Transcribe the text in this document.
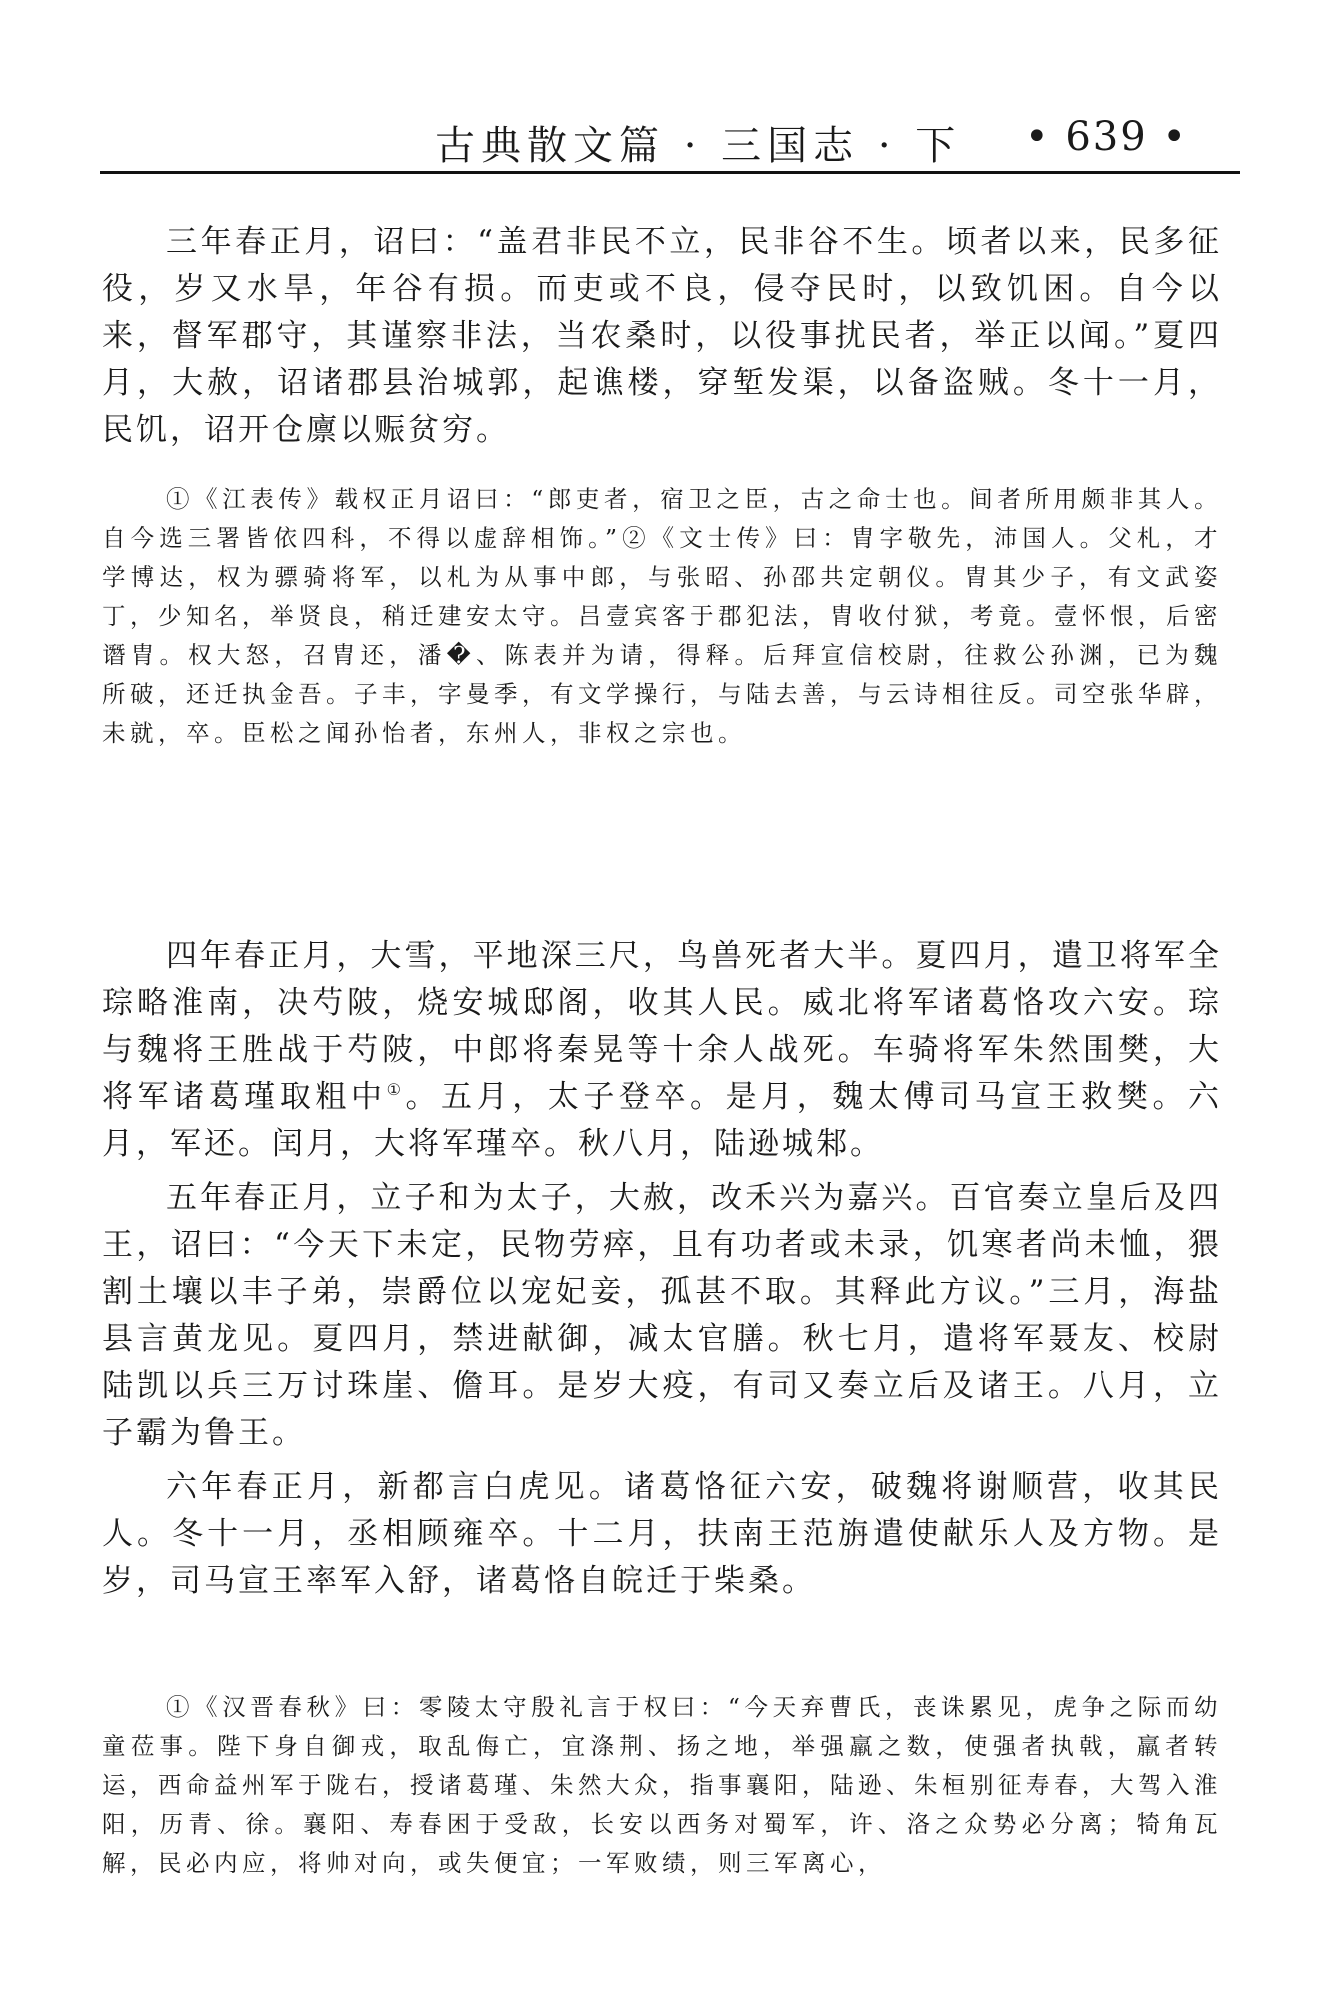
古典散文篇 · 三国志 · 下 • 639 •

三年春正月，诏曰：“盖君非民不立，民非谷不生。顷者以来，民多征役，岁又水旱，年谷有损。而吏或不良，侵夺民时，以致饥困。自今以来，督军郡守，其谨察非法，当农桑时，以役事扰民者，举正以闻。”夏四月，大赦，诏诸郡县治城郭，起谯楼，穿堑发渠，以备盗贼。冬十一月，民饥，诏开仓廪以赈贫穷。

①《江表传》载权正月诏曰：“郎吏者，宿卫之臣，古之命士也。间者所用颇非其人。自今选三署皆依四科，不得以虚辞相饰。”②《文士传》曰：胄字敬先，沛国人。父札，才学博达，权为骠骑将军，以札为从事中郎，与张昭、孙邵共定朝仪。胄其少子，有文武姿丁，少知名，举贤良，稍迁建安太守。吕壹宾客于郡犯法，胄收付狱，考竟。壹怀恨，后密谮胄。权大怒，召胄还，潘�、陈表并为请，得释。后拜宣信校尉，往救公孙渊，已为魏所破，还迁执金吾。子丰，字曼季，有文学操行，与陆去善，与云诗相往反。司空张华辟，未就，卒。臣松之闻孙怡者，东州人，非权之宗也。

四年春正月，大雪，平地深三尺，鸟兽死者大半。夏四月，遣卫将军全琮略淮南，决芍陂，烧安城邸阁，收其人民。威北将军诸葛恪攻六安。琮与魏将王胜战于芍陂，中郎将秦晃等十余人战死。车骑将军朱然围樊，大将军诸葛瑾取粗中①。五月，太子登卒。是月，魏太傅司马宣王救樊。六月，军还。闰月，大将军瑾卒。秋八月，陆逊城邾。

五年春正月，立子和为太子，大赦，改禾兴为嘉兴。百官奏立皇后及四王，诏曰：“今天下未定，民物劳瘁，且有功者或未录，饥寒者尚未恤，猥割土壤以丰子弟，崇爵位以宠妃妾，孤甚不取。其释此方议。”三月，海盐县言黄龙见。夏四月，禁进献御，减太官膳。秋七月，遣将军聂友、校尉陆凯以兵三万讨珠崖、儋耳。是岁大疫，有司又奏立后及诸王。八月，立子霸为鲁王。

六年春正月，新都言白虎见。诸葛恪征六安，破魏将谢顺营，收其民人。冬十一月，丞相顾雍卒。十二月，扶南王范旃遣使献乐人及方物。是岁，司马宣王率军入舒，诸葛恪自皖迁于柴桑。

①《汉晋春秋》曰：零陵太守殷礼言于权曰：“今天弃曹氏，丧诛累见，虎争之际而幼童莅事。陛下身自御戎，取乱侮亡，宜涤荆、扬之地，举强羸之数，使强者执戟，羸者转运，西命益州军于陇右，授诸葛瑾、朱然大众，指事襄阳，陆逊、朱桓别征寿春，大驾入淮阳，历青、徐。襄阳、寿春困于受敌，长安以西务对蜀军，许、洛之众势必分离；犄角瓦解，民必内应，将帅对向，或失便宜；一军败绩，则三军离心，
